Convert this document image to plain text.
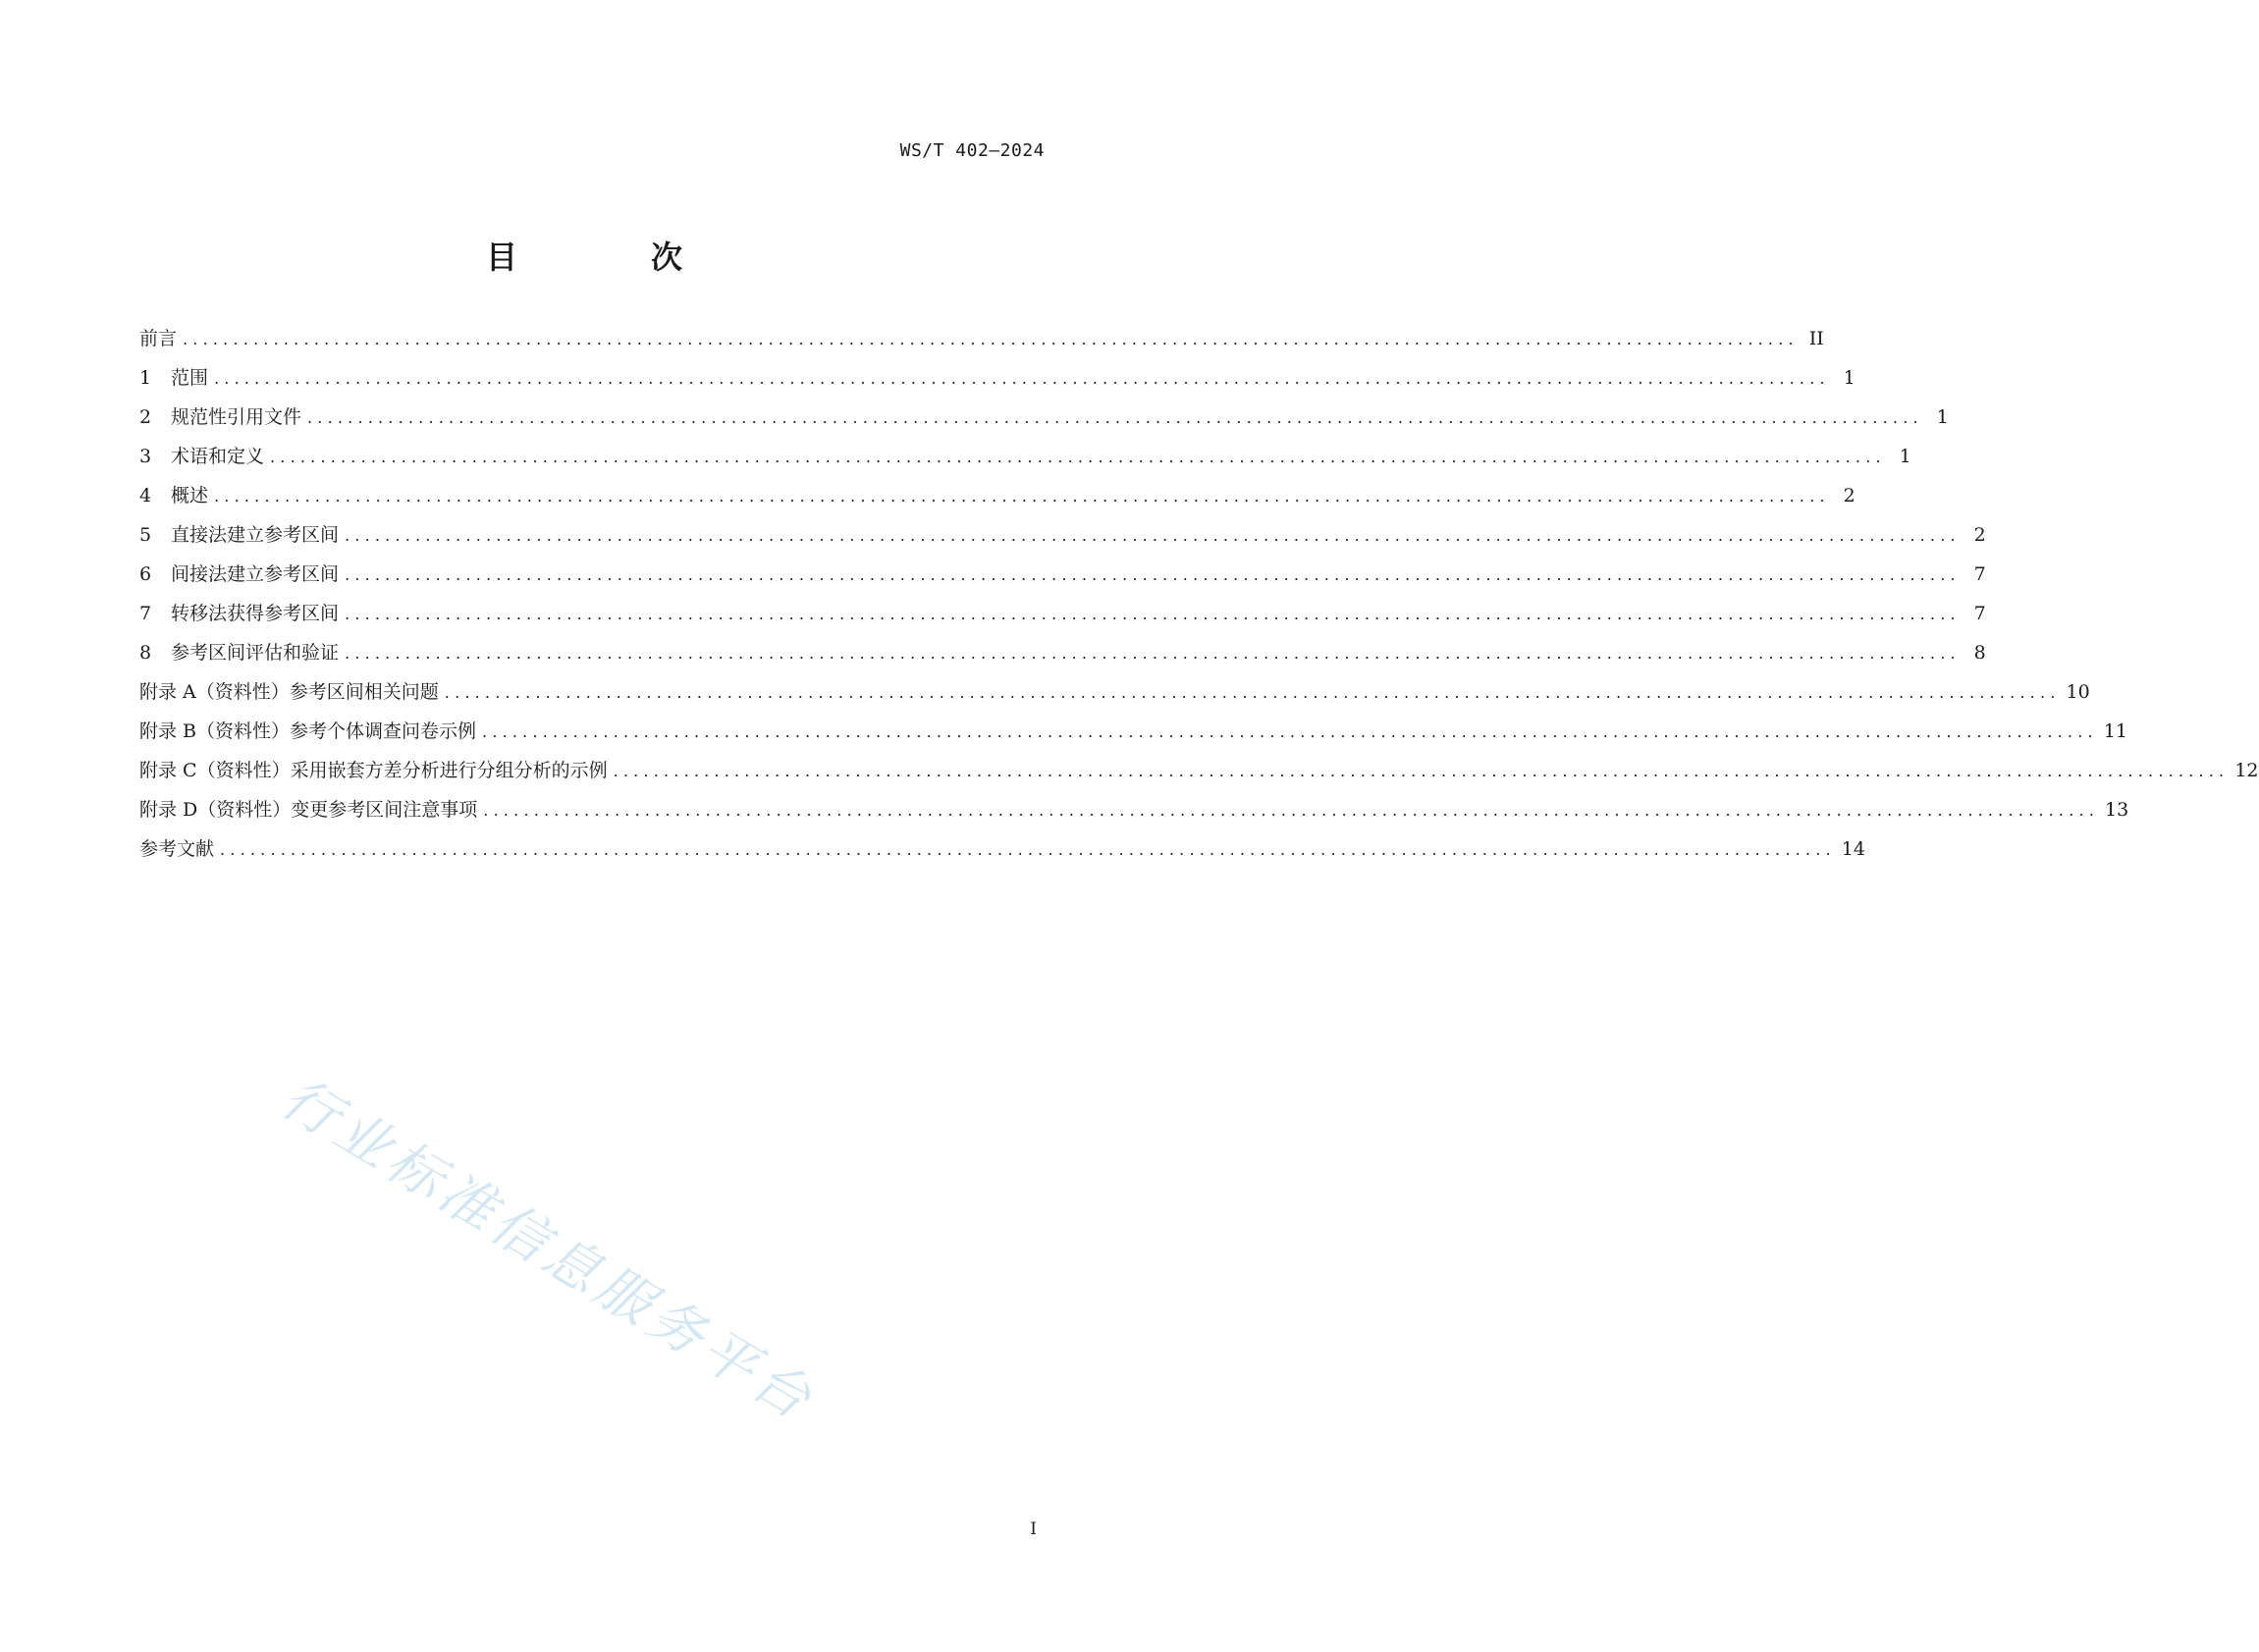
WS/T 402—2024
目　次
前言 ................................................................................................................................................................ II
1	范围 ................................................................................................................................................................ 1
2	规范性引用文件 ................................................................................................................................................................ 1
3	术语和定义 ................................................................................................................................................................ 1
4	概述 ................................................................................................................................................................ 2
5	直接法建立参考区间 ................................................................................................................................................................ 2
6	间接法建立参考区间 ................................................................................................................................................................ 7
7	转移法获得参考区间 ................................................................................................................................................................ 7
8	参考区间评估和验证 ................................................................................................................................................................ 8
附录 A（资料性） 参考区间相关问题 ................................................................................................................................................................ 10
附录 B（资料性） 参考个体调查问卷示例 ................................................................................................................................................................ 11
附录 C（资料性） 采用嵌套方差分析进行分组分析的示例 ................................................................................................................................................................ 12
附录 D（资料性） 变更参考区间注意事项 ................................................................................................................................................................ 13
参考文献 ................................................................................................................................................................ 14
行业标准信息服务平台
I
